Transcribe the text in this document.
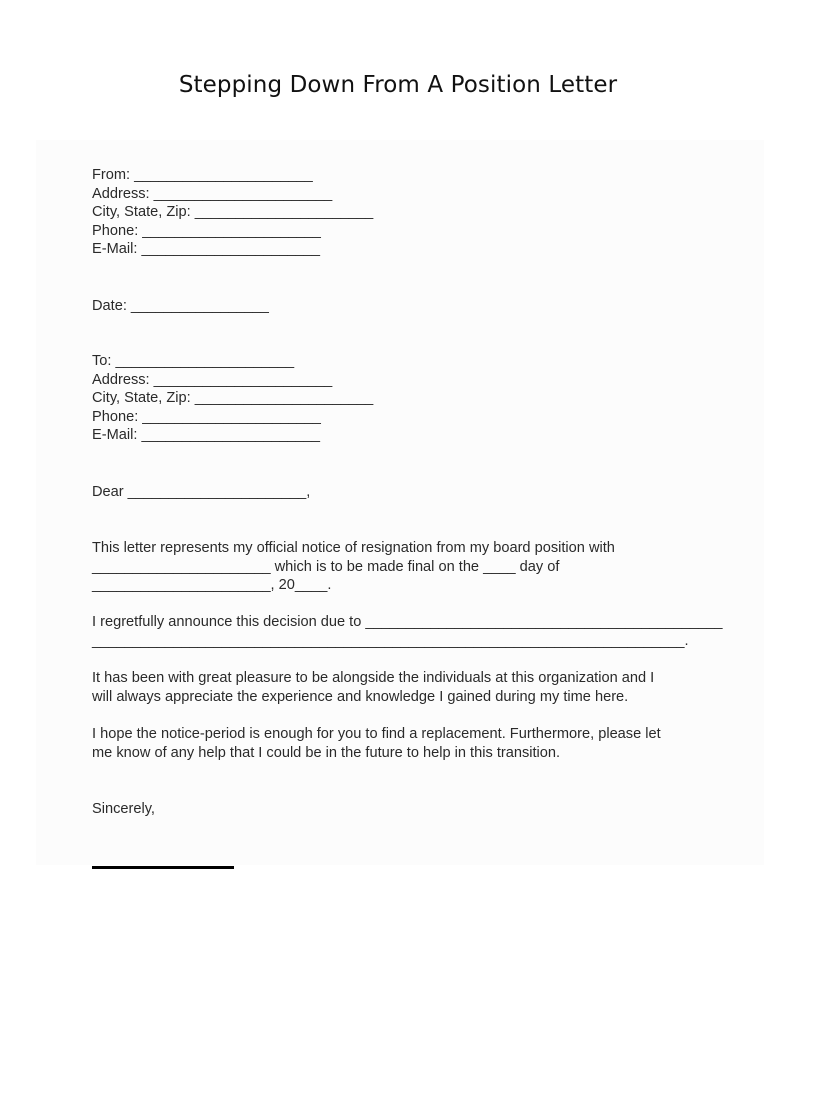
Stepping Down From A Position Letter
From: ______________________
Address: ______________________
City, State, Zip: ______________________
Phone: ______________________
E-Mail: ______________________
Date: _________________
To: ______________________
Address: ______________________
City, State, Zip: ______________________
Phone: ______________________
E-Mail: ______________________
Dear ______________________,
This letter represents my official notice of resignation from my board position with
______________________ which is to be made final on the ____ day of
______________________, 20____.
I regretfully announce this decision due to ____________________________________________
_________________________________________________________________________.
It has been with great pleasure to be alongside the individuals at this organization and I
will always appreciate the experience and knowledge I gained during my time here.
I hope the notice-period is enough for you to find a replacement. Furthermore, please let
me know of any help that I could be in the future to help in this transition.
Sincerely,
